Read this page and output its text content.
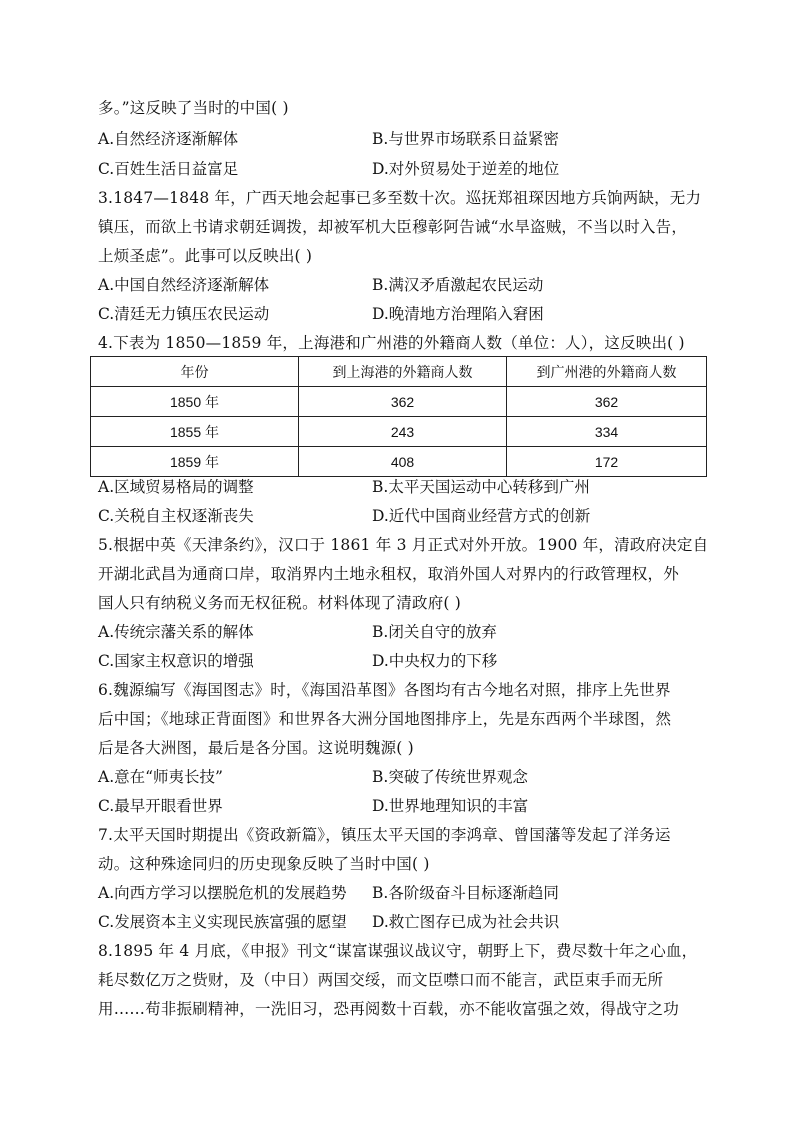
多。”这反映了当时的中国( )
A.自然经济逐渐解体	B.与世界市场联系日益紧密
C.百姓生活日益富足	D.对外贸易处于逆差的地位
3.1847—1848 年，广西天地会起事已多至数十次。巡抚郑祖琛因地方兵饷两缺，无力
镇压，而欲上书请求朝廷调拨，却被军机大臣穆彰阿告诫“水旱盗贼，不当以时入告，
上烦圣虑”。此事可以反映出( )
A.中国自然经济逐渐解体	B.满汉矛盾激起农民运动
C.清廷无力镇压农民运动	D.晚清地方治理陷入窘困
4.下表为 1850—1859 年，上海港和广州港的外籍商人数（单位：人），这反映出( )
年份	到上海港的外籍商人数	到广州港的外籍商人数
1850 年	362	362
1855 年	243	334
1859 年	408	172
A.区域贸易格局的调整	B.太平天国运动中心转移到广州
C.关税自主权逐渐丧失	D.近代中国商业经营方式的创新
5.根据中英《天津条约》，汉口于 1861 年 3 月正式对外开放。1900 年，清政府决定自
开湖北武昌为通商口岸，取消界内土地永租权，取消外国人对界内的行政管理权，外
国人只有纳税义务而无权征税。材料体现了清政府( )
A.传统宗藩关系的解体	B.闭关自守的放弃
C.国家主权意识的增强	D.中央权力的下移
6.魏源编写《海国图志》时，《海国沿革图》各图均有古今地名对照，排序上先世界
后中国；《地球正背面图》和世界各大洲分国地图排序上，先是东西两个半球图，然
后是各大洲图，最后是各分国。这说明魏源( )
A.意在“师夷长技”	B.突破了传统世界观念
C.最早开眼看世界	D.世界地理知识的丰富
7.太平天国时期提出《资政新篇》，镇压太平天国的李鸿章、曾国藩等发起了洋务运
动。这种殊途同归的历史现象反映了当时中国( )
A.向西方学习以摆脱危机的发展趋势 B.各阶级奋斗目标逐渐趋同
C.发展资本主义实现民族富强的愿望 D.救亡图存已成为社会共识
8.1895 年 4 月底，《申报》刊文“谋富谋强议战议守，朝野上下，费尽数十年之心血，
耗尽数亿万之赀财，及（中日）两国交绥，而文臣噤口而不能言，武臣束手而无所
用……苟非振刷精神，一洗旧习，恐再阅数十百载，亦不能收富强之效，得战守之功
